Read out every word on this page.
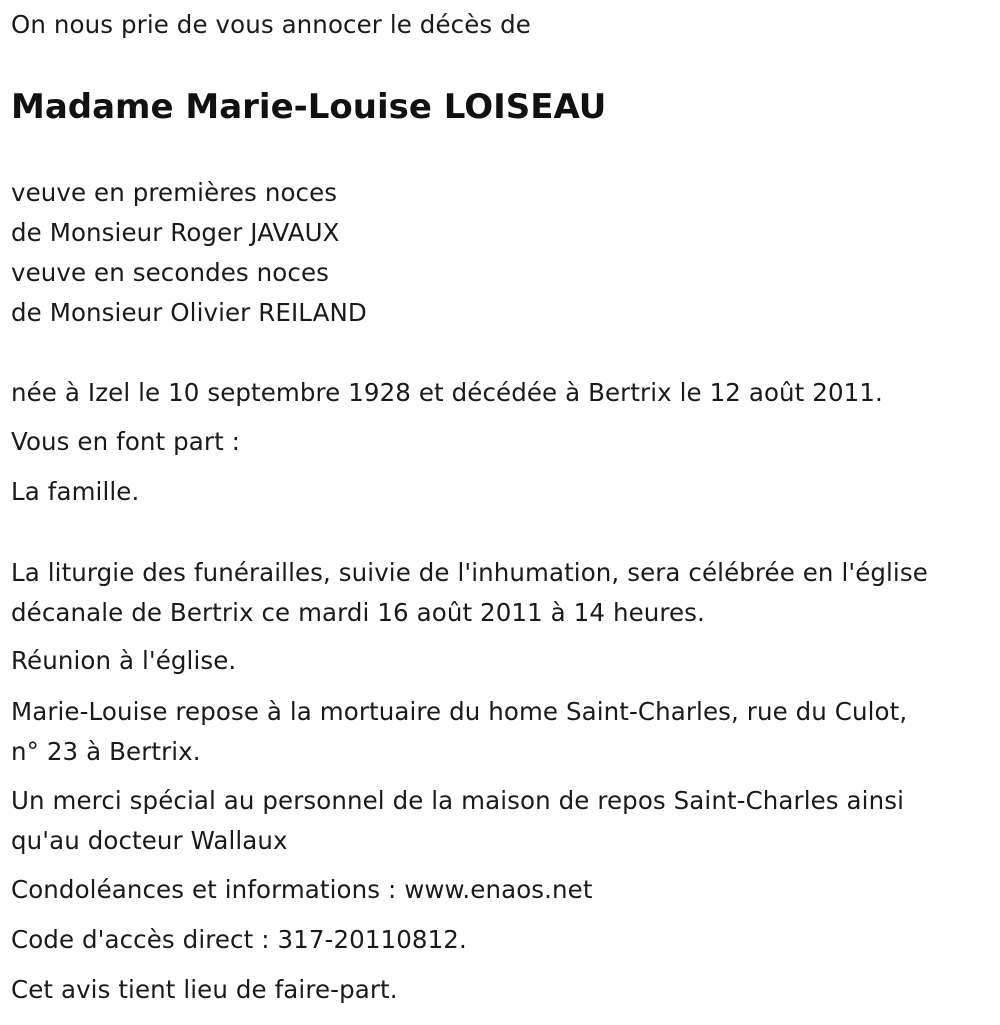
On nous prie de vous annocer le décès de
Madame Marie-Louise LOISEAU
veuve en premières noces
de Monsieur Roger JAVAUX
veuve en secondes noces
de Monsieur Olivier REILAND
née à Izel le 10 septembre 1928 et décédée à Bertrix le 12 août 2011.
Vous en font part :
La famille.
La liturgie des funérailles, suivie de l'inhumation, sera célébrée en l'église
décanale de Bertrix ce mardi 16 août 2011 à 14 heures.
Réunion à l'église.
Marie-Louise repose à la mortuaire du home Saint-Charles, rue du Culot,
n° 23 à Bertrix.
Un merci spécial au personnel de la maison de repos Saint-Charles ainsi
qu'au docteur Wallaux
Condoléances et informations : www.enaos.net
Code d'accès direct : 317-20110812.
Cet avis tient lieu de faire-part.
